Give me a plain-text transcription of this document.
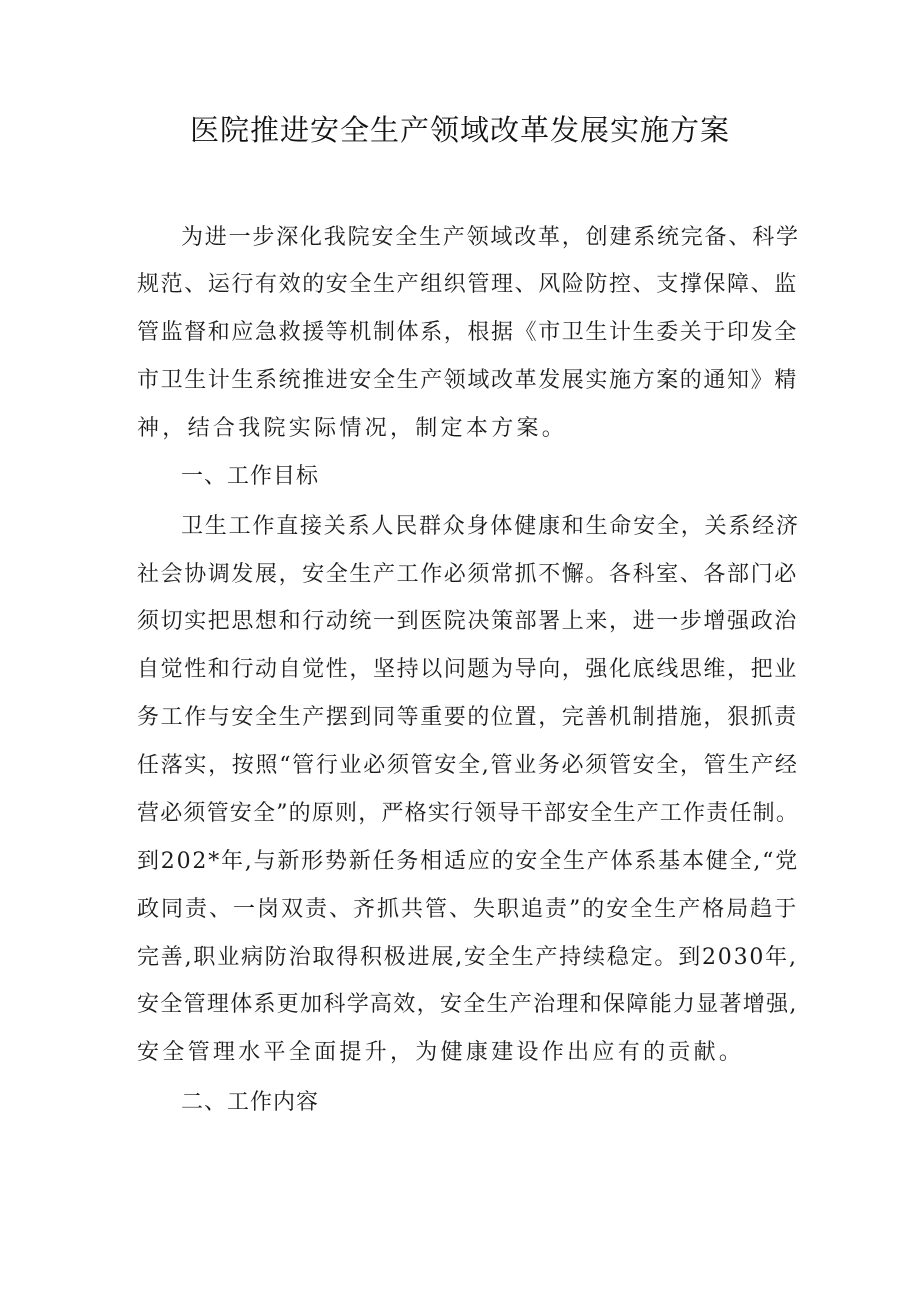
医院推进安全生产领域改革发展实施方案

为进一步深化我院安全生产领域改革，创建系统完备、科学

规范、运行有效的安全生产组织管理、风险防控、支撑保障、监

管监督和应急救援等机制体系，根据《市卫生计生委关于印发全

市卫生计生系统推进安全生产领域改革发展实施方案的通知》精

神，结合我院实际情况，制定本方案。

一、工作目标

卫生工作直接关系人民群众身体健康和生命安全，关系经济

社会协调发展，安全生产工作必须常抓不懈。各科室、各部门必

须切实把思想和行动统一到医院决策部署上来，进一步增强政治

自觉性和行动自觉性，坚持以问题为导向，强化底线思维，把业

务工作与安全生产摆到同等重要的位置，完善机制措施，狠抓责

任落实，按照“管行业必须管安全,管业务必须管安全，管生产经

营必须管安全”的原则，严格实行领导干部安全生产工作责任制。

到202*年,与新形势新任务相适应的安全生产体系基本健全,“党

政同责、一岗双责、齐抓共管、失职追责”的安全生产格局趋于

完善,职业病防治取得积极进展,安全生产持续稳定。到2030年,

安全管理体系更加科学高效，安全生产治理和保障能力显著增强,

安全管理水平全面提升，为健康建设作出应有的贡献。

二、工作内容
